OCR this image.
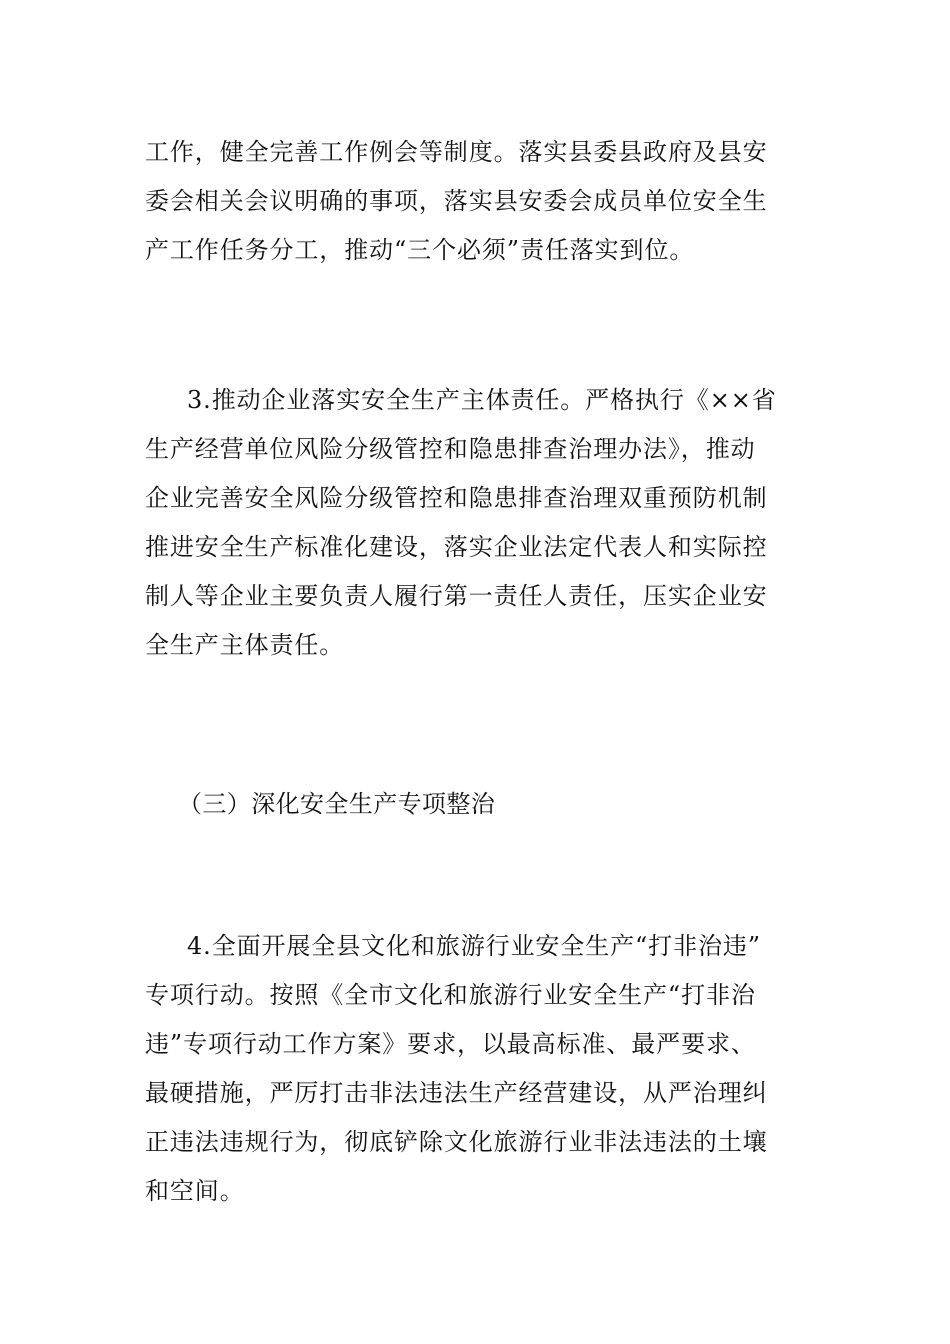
工作，健全完善工作例会等制度。落实县委县政府及县安
委会相关会议明确的事项，落实县安委会成员单位安全生
产工作任务分工，推动“三个必须”责任落实到位。

3.推动企业落实安全生产主体责任。严格执行《××省
生产经营单位风险分级管控和隐患排查治理办法》，推动
企业完善安全风险分级管控和隐患排查治理双重预防机制
推进安全生产标准化建设，落实企业法定代表人和实际控
制人等企业主要负责人履行第一责任人责任，压实企业安
全生产主体责任。

（三）深化安全生产专项整治

4.全面开展全县文化和旅游行业安全生产“打非治违”
专项行动。按照《全市文化和旅游行业安全生产“打非治
违”专项行动工作方案》要求，以最高标准、最严要求、
最硬措施，严厉打击非法违法生产经营建设，从严治理纠
正违法违规行为，彻底铲除文化旅游行业非法违法的土壤
和空间。
